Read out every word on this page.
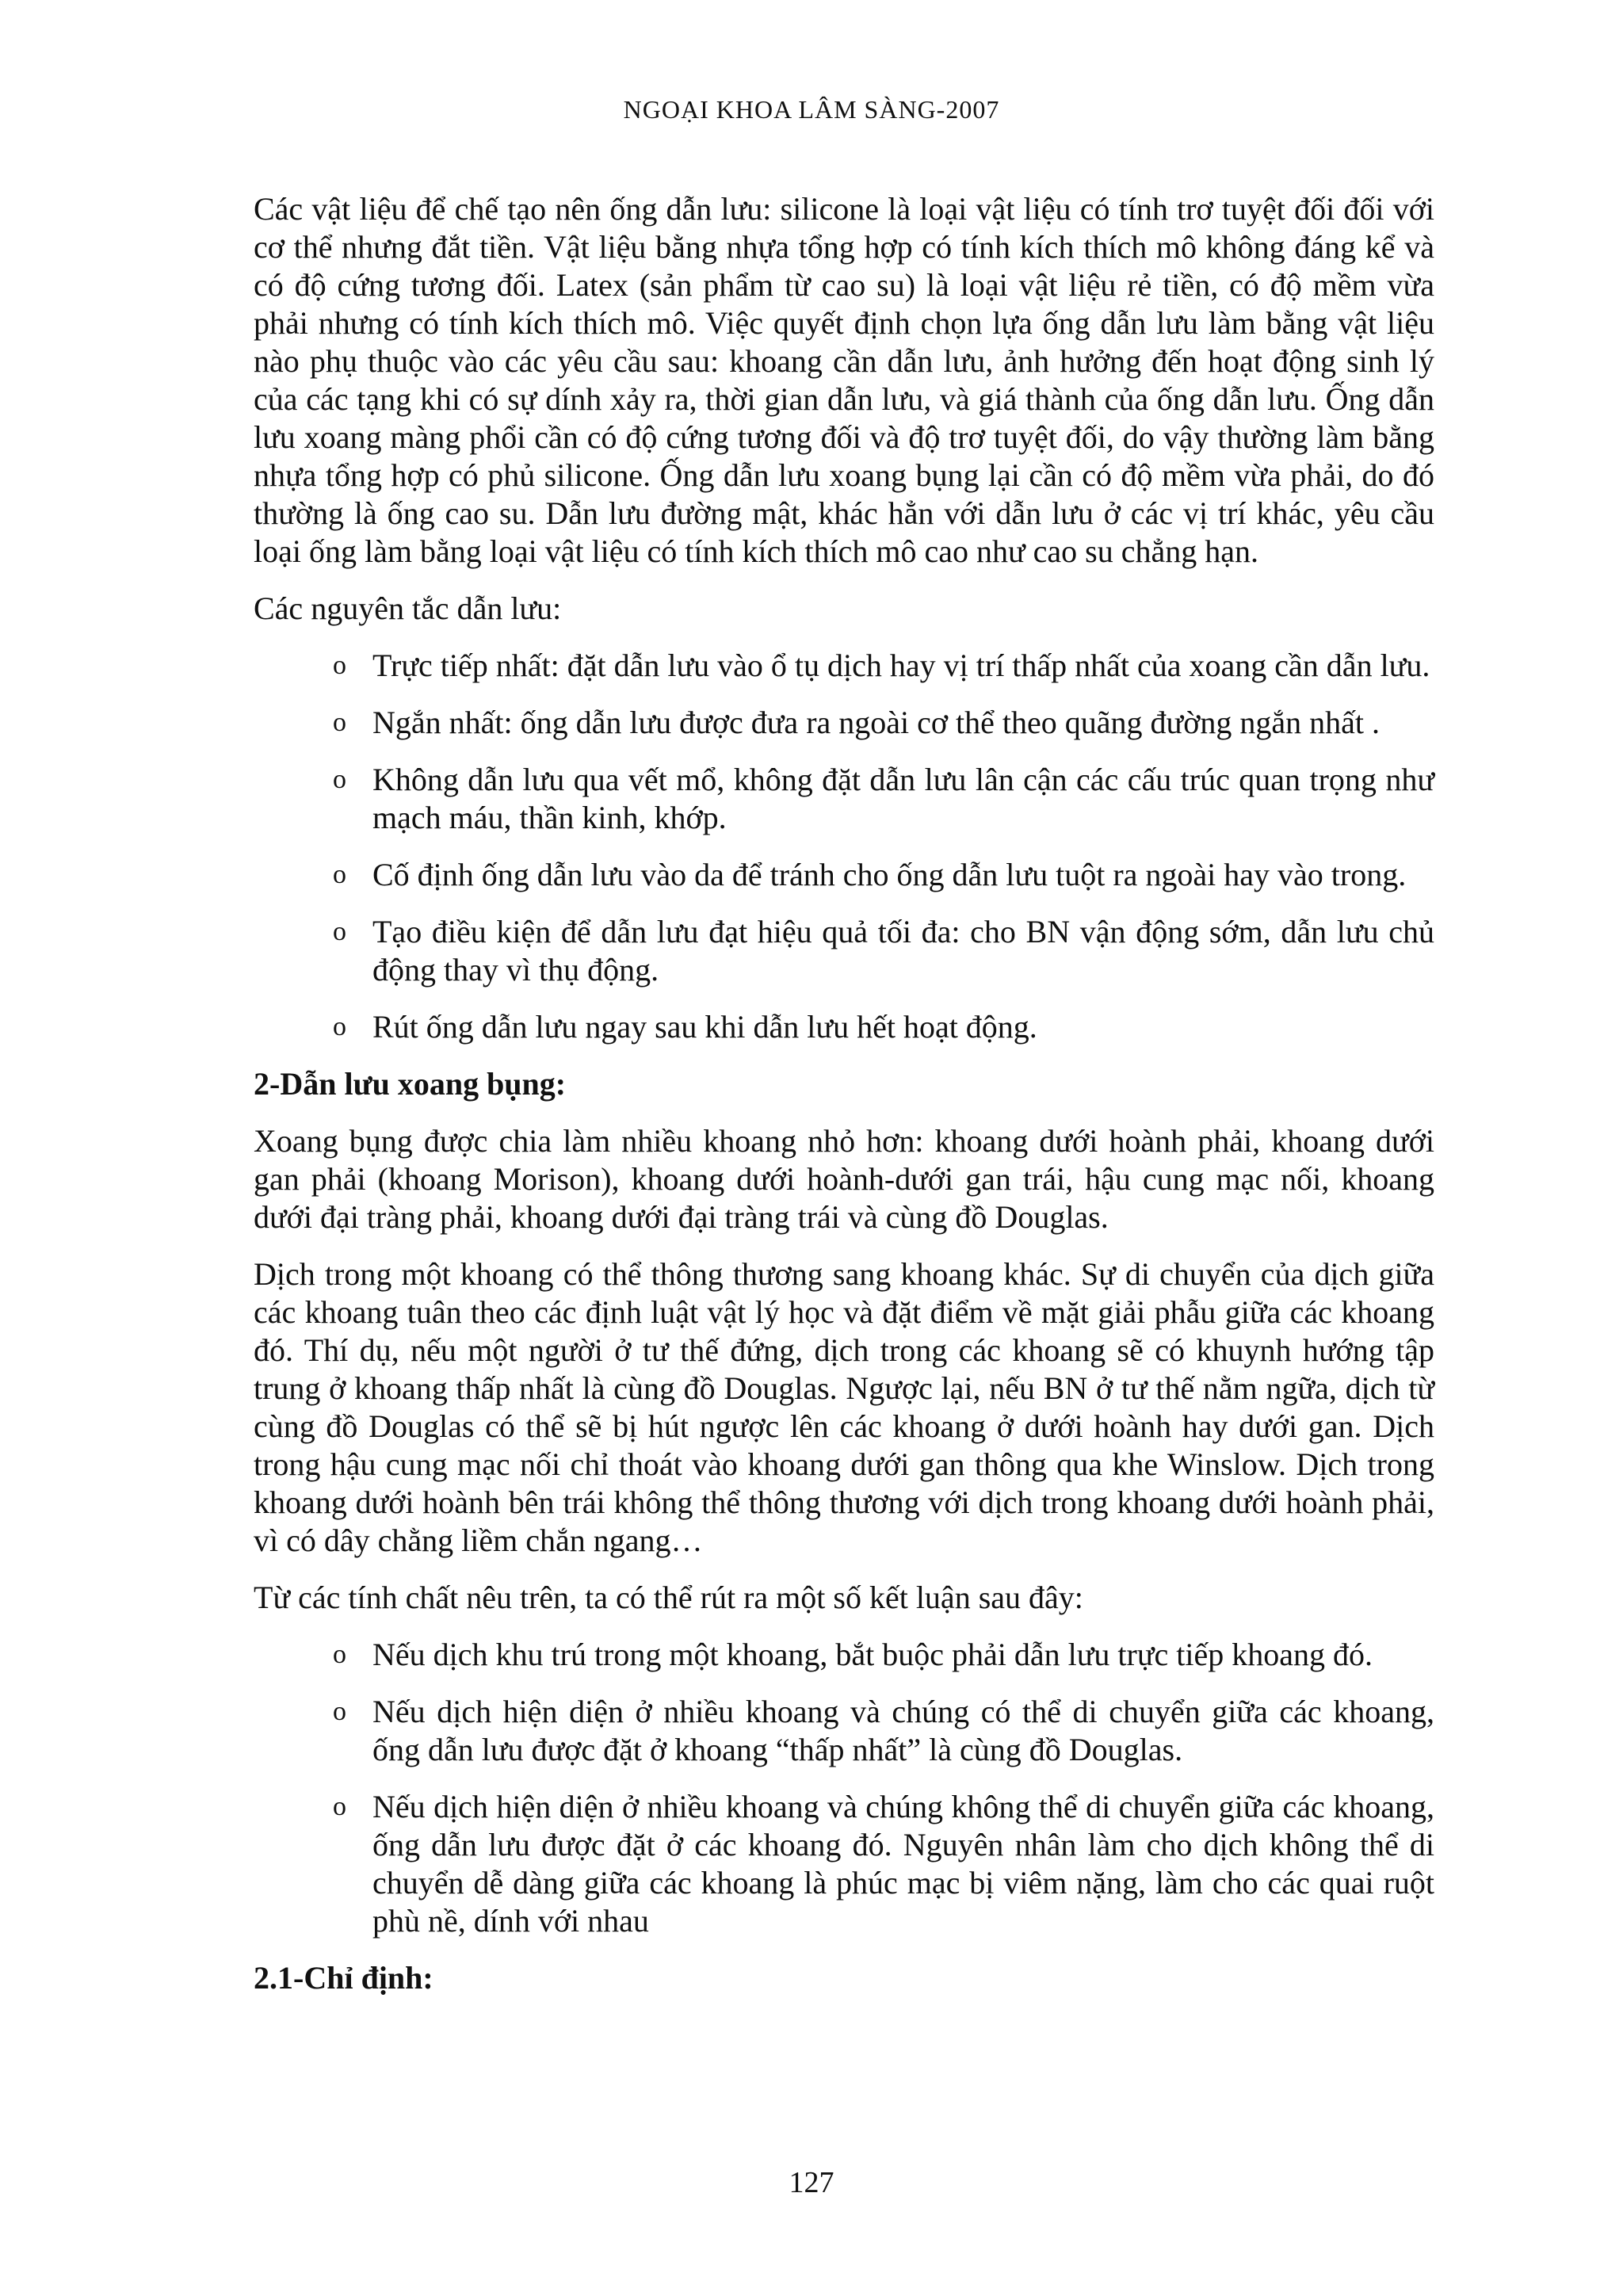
NGOẠI KHOA LÂM SÀNG-2007

Các vật liệu để chế tạo nên ống dẫn lưu: silicone là loại vật liệu có tính trơ tuyệt đối đối với cơ thể nhưng đắt tiền. Vật liệu bằng nhựa tổng hợp có tính kích thích mô không đáng kể và có độ cứng tương đối. Latex (sản phẩm từ cao su) là loại vật liệu rẻ tiền, có độ mềm vừa phải nhưng có tính kích thích mô. Việc quyết định chọn lựa ống dẫn lưu làm bằng vật liệu nào phụ thuộc vào các yêu cầu sau: khoang cần dẫn lưu, ảnh hưởng đến hoạt động sinh lý của các tạng khi có sự dính xảy ra, thời gian dẫn lưu, và giá thành của ống dẫn lưu. Ống dẫn lưu xoang màng phổi cần có độ cứng tương đối và độ trơ tuyệt đối, do vậy thường làm bằng nhựa tổng hợp có phủ silicone. Ống dẫn lưu xoang bụng lại cần có độ mềm vừa phải, do đó thường là ống cao su. Dẫn lưu đường mật, khác hẳn với dẫn lưu ở các vị trí khác, yêu cầu loại ống làm bằng loại vật liệu có tính kích thích mô cao như cao su chẳng hạn.

Các nguyên tắc dẫn lưu:

o Trực tiếp nhất: đặt dẫn lưu vào ổ tụ dịch hay vị trí thấp nhất của xoang cần dẫn lưu.
o Ngắn nhất: ống dẫn lưu được đưa ra ngoài cơ thể theo quãng đường ngắn nhất .
o Không dẫn lưu qua vết mổ, không đặt dẫn lưu lân cận các cấu trúc quan trọng như mạch máu, thần kinh, khớp.
o Cố định ống dẫn lưu vào da để tránh cho ống dẫn lưu tuột ra ngoài hay vào trong.
o Tạo điều kiện để dẫn lưu đạt hiệu quả tối đa: cho BN vận động sớm, dẫn lưu chủ động thay vì thụ động.
o Rút ống dẫn lưu ngay sau khi dẫn lưu hết hoạt động.

2-Dẫn lưu xoang bụng:

Xoang bụng được chia làm nhiều khoang nhỏ hơn: khoang dưới hoành phải, khoang dưới gan phải (khoang Morison), khoang dưới hoành-dưới gan trái, hậu cung mạc nối, khoang dưới đại tràng phải, khoang dưới đại tràng trái và cùng đồ Douglas.

Dịch trong một khoang có thể thông thương sang khoang khác. Sự di chuyển của dịch giữa các khoang tuân theo các định luật vật lý học và đặt điểm về mặt giải phẫu giữa các khoang đó. Thí dụ, nếu một người ở tư thế đứng, dịch trong các khoang sẽ có khuynh hướng tập trung ở khoang thấp nhất là cùng đồ Douglas. Ngược lại, nếu BN ở tư thế nằm ngữa, dịch từ cùng đồ Douglas có thể sẽ bị hút ngược lên các khoang ở dưới hoành hay dưới gan. Dịch trong hậu cung mạc nối chỉ thoát vào khoang dưới gan thông qua khe Winslow. Dịch trong khoang dưới hoành bên trái không thể thông thương với dịch trong khoang dưới hoành phải, vì có dây chằng liềm chắn ngang…

Từ các tính chất nêu trên, ta có thể rút ra một số kết luận sau đây:

o Nếu dịch khu trú trong một khoang, bắt buộc phải dẫn lưu trực tiếp khoang đó.
o Nếu dịch hiện diện ở nhiều khoang và chúng có thể di chuyển giữa các khoang, ống dẫn lưu được đặt ở khoang “thấp nhất” là cùng đồ Douglas.
o Nếu dịch hiện diện ở nhiều khoang và chúng không thể di chuyển giữa các khoang, ống dẫn lưu được đặt ở các khoang đó. Nguyên nhân làm cho dịch không thể di chuyển dễ dàng giữa các khoang là phúc mạc bị viêm nặng, làm cho các quai ruột phù nề, dính với nhau

2.1-Chỉ định:

127
